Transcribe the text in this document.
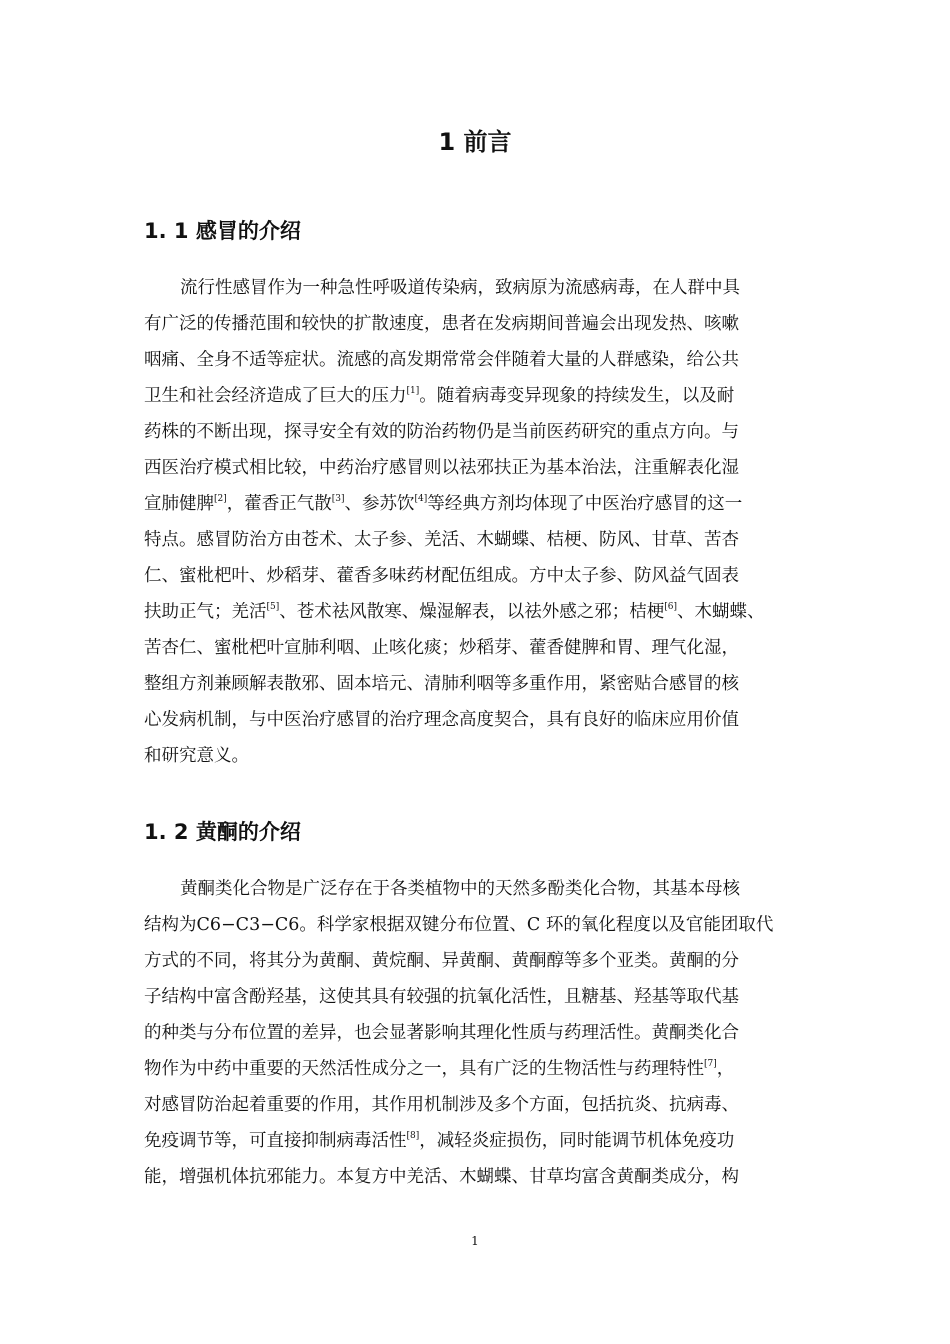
1 前言
1. 1 感冒的介绍
流行性感冒作为一种急性呼吸道传染病，致病原为流感病毒，在人群中具
有广泛的传播范围和较快的扩散速度，患者在发病期间普遍会出现发热、咳嗽
咽痛、全身不适等症状。流感的高发期常常会伴随着大量的人群感染，给公共
卫生和社会经济造成了巨大的压力[1]。随着病毒变异现象的持续发生，以及耐
药株的不断出现，探寻安全有效的防治药物仍是当前医药研究的重点方向。与
西医治疗模式相比较，中药治疗感冒则以祛邪扶正为基本治法，注重解表化湿
宣肺健脾[2]，藿香正气散[3]、参苏饮[4]等经典方剂均体现了中医治疗感冒的这一
特点。感冒防治方由苍术、太子参、羌活、木蝴蝶、桔梗、防风、甘草、苦杏
仁、蜜枇杷叶、炒稻芽、藿香多味药材配伍组成。方中太子参、防风益气固表
扶助正气；羌活[5]、苍术祛风散寒、燥湿解表，以祛外感之邪；桔梗[6]、木蝴蝶、
苦杏仁、蜜枇杷叶宣肺利咽、止咳化痰；炒稻芽、藿香健脾和胃、理气化湿，
整组方剂兼顾解表散邪、固本培元、清肺利咽等多重作用，紧密贴合感冒的核
心发病机制，与中医治疗感冒的治疗理念高度契合，具有良好的临床应用价值
和研究意义。
1. 2 黄酮的介绍
黄酮类化合物是广泛存在于各类植物中的天然多酚类化合物，其基本母核
结构为C6−C3−C6。科学家根据双键分布位置、C 环的氧化程度以及官能团取代
方式的不同，将其分为黄酮、黄烷酮、异黄酮、黄酮醇等多个亚类。黄酮的分
子结构中富含酚羟基，这使其具有较强的抗氧化活性，且糖基、羟基等取代基
的种类与分布位置的差异，也会显著影响其理化性质与药理活性。黄酮类化合
物作为中药中重要的天然活性成分之一，具有广泛的生物活性与药理特性[7]，
对感冒防治起着重要的作用，其作用机制涉及多个方面，包括抗炎、抗病毒、
免疫调节等，可直接抑制病毒活性[8]，减轻炎症损伤，同时能调节机体免疫功
能，增强机体抗邪能力。本复方中羌活、木蝴蝶、甘草均富含黄酮类成分，构
1
